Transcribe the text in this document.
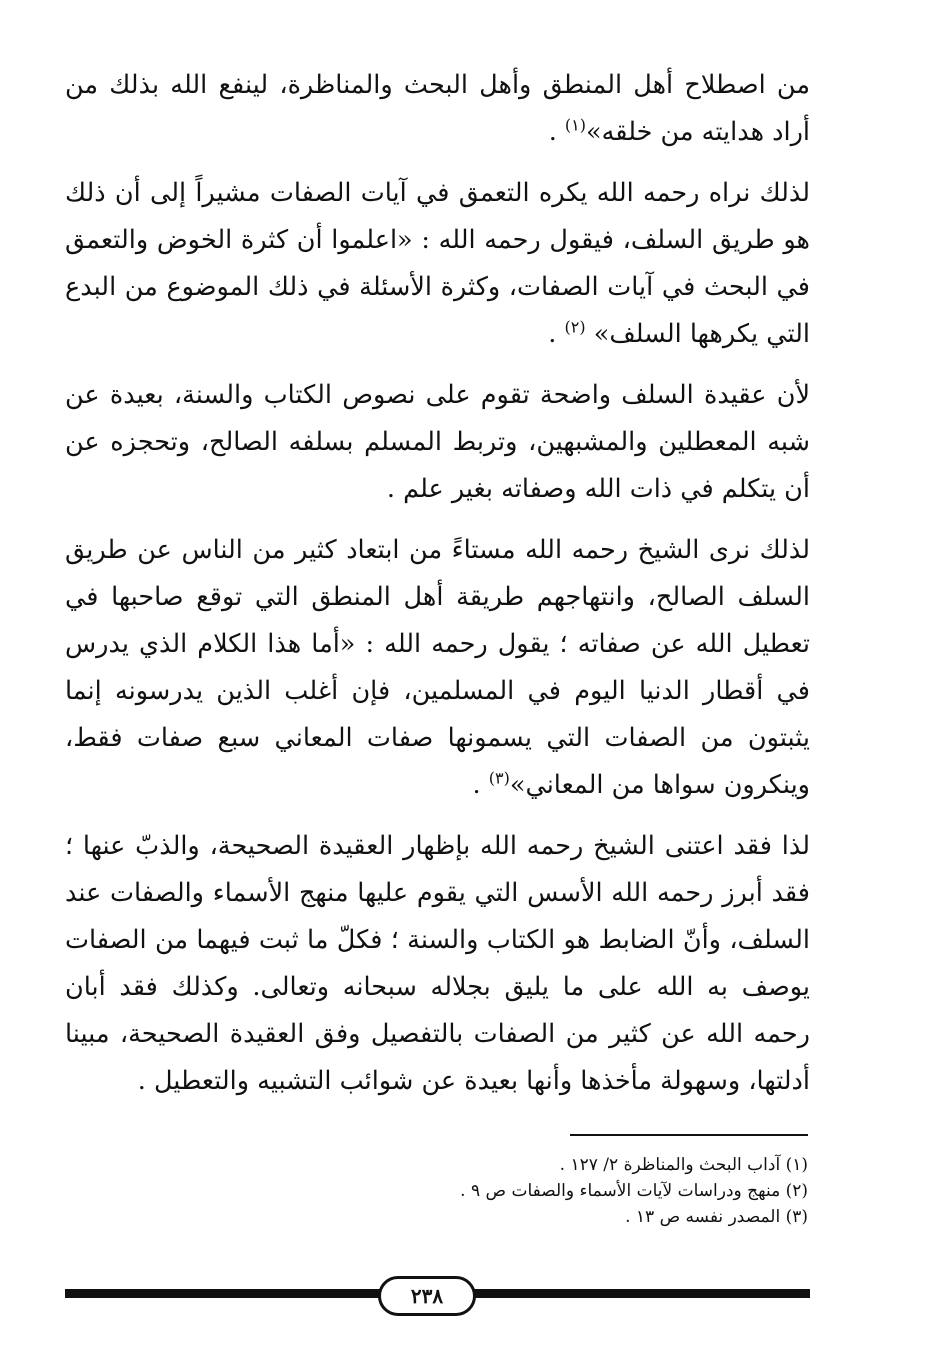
من اصطلاح أهل المنطق وأهل البحث والمناظرة، لينفع الله بذلك من أراد هدايته من خلقه»$^{(١)}$ .

لذلك نراه رحمه الله يكره التعمق في آيات الصفات مشيراً إلى أن ذلك هو طريق السلف، فيقول رحمه الله : «اعلموا أن كثرة الخوض والتعمق في البحث في آيات الصفات، وكثرة الأسئلة في ذلك الموضوع من البدع التي يكرهها السلف» $^{(٢)}$ .

لأن عقيدة السلف واضحة تقوم على نصوص الكتاب والسنة، بعيدة عن شبه المعطلين والمشبهين، وتربط المسلم بسلفه الصالح، وتحجزه عن أن يتكلم في ذات الله وصفاته بغير علم .

لذلك نرى الشيخ رحمه الله مستاءً من ابتعاد كثير من الناس عن طريق السلف الصالح، وانتهاجهم طريقة أهل المنطق التي توقع صاحبها في تعطيل الله عن صفاته ؛ يقول رحمه الله : «أما هذا الكلام الذي يدرس في أقطار الدنيا اليوم في المسلمين، فإن أغلب الذين يدرسونه إنما يثبتون من الصفات التي يسمونها صفات المعاني سبع صفات فقط، وينكرون سواها من المعاني»$^{(٣)}$ .

لذا فقد اعتنى الشيخ رحمه الله بإظهار العقيدة الصحيحة، والذبّ عنها ؛ فقد أبرز رحمه الله الأسس التي يقوم عليها منهج الأسماء والصفات عند السلف، وأنّ الضابط هو الكتاب والسنة ؛ فكلّ ما ثبت فيهما من الصفات يوصف به الله على ما يليق بجلاله سبحانه وتعالى. وكذلك فقد أبان رحمه الله عن كثير من الصفات بالتفصيل وفق العقيدة الصحيحة، مبينا أدلتها، وسهولة مأخذها وأنها بعيدة عن شوائب التشبيه والتعطيل .

(١) آداب البحث والمناظرة ٢/ ١٢٧ .
(٢) منهج ودراسات لآيات الأسماء والصفات ص ٩ .
(٣) المصدر نفسه ص ١٣ .
٢٣٨
